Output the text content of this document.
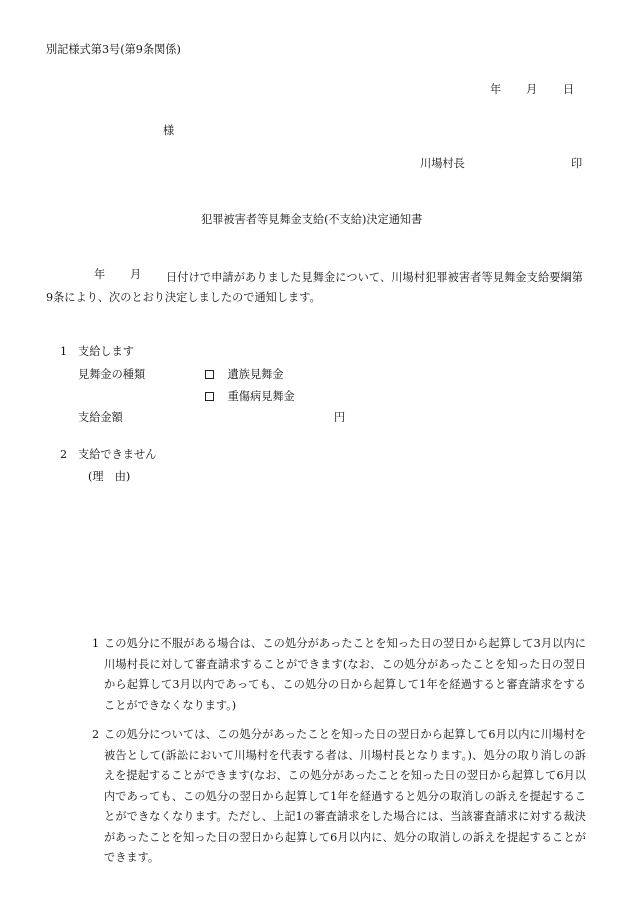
別記様式第3号(第9条関係)
年 月 日
様
川場村長	印
犯罪被害者等見舞金支給(不支給)決定通知書
年 月	日付けで申請がありました見舞金について、川場村犯罪被害者等見舞金支給要綱第9条により、次のとおり決定しましたので通知します。
1 支給します
見舞金の種類	遺族見舞金
重傷病見舞金
支給金額	円
2 支給できません
(理　由)
1 この処分に不服がある場合は、この処分があったことを知った日の翌日から起算して3月以内に川場村長に対して審査請求することができます(なお、この処分があったことを知った日の翌日から起算して3月以内であっても、この処分の日から起算して1年を経過すると審査請求をすることができなくなります。)
2 この処分については、この処分があったことを知った日の翌日から起算して6月以内に川場村を被告として(訴訟において川場村を代表する者は、川場村長となります。)、処分の取り消しの訴えを提起することができます(なお、この処分があったことを知った日の翌日から起算して6月以内であっても、この処分の翌日から起算して1年を経過すると処分の取消しの訴えを提起することができなくなります。ただし、上記1の審査請求をした場合には、当該審査請求に対する裁決があったことを知った日の翌日から起算して6月以内に、処分の取消しの訴えを提起することができます。
